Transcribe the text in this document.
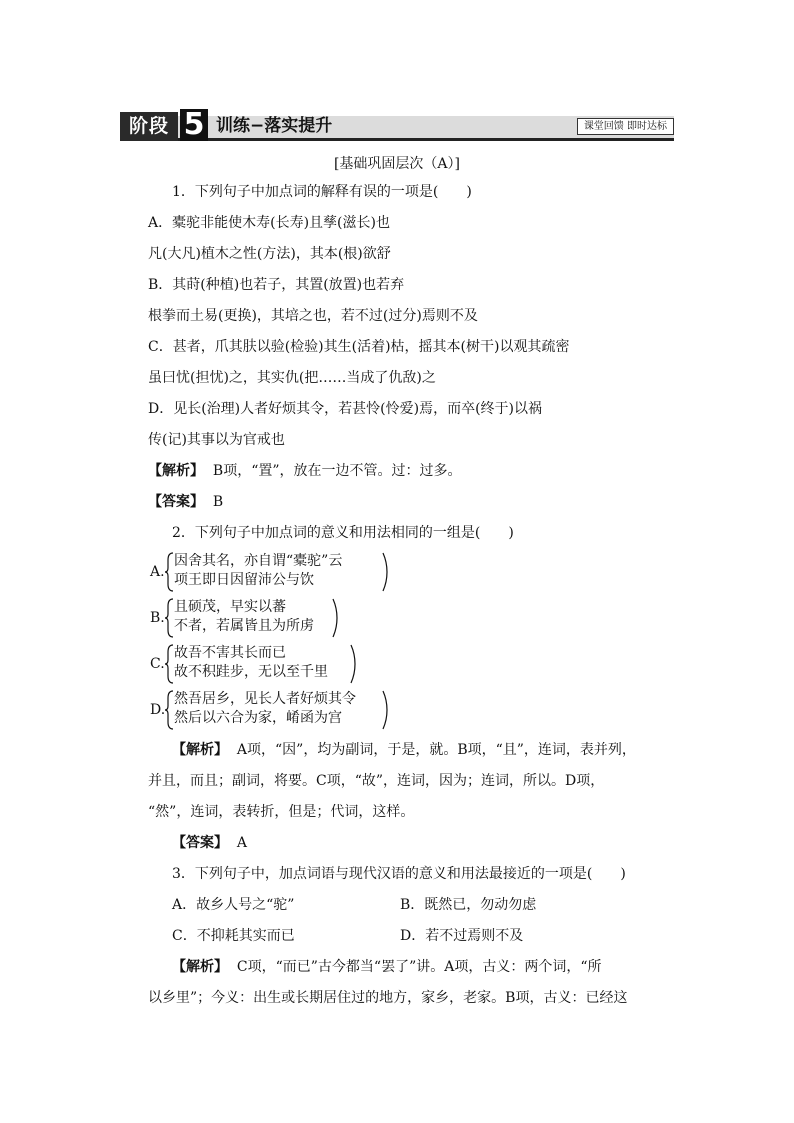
阶段 5 训练−落实提升	课堂回馈 即时达标
[基础巩固层次（A）]
1．下列句子中加点词的解释有误的一项是(　　)
A．橐驼非能使木寿(长寿)且孳(滋长)也
凡(大凡)植木之性(方法)，其本(根)欲舒
B．其莳(种植)也若子，其置(放置)也若弃
根拳而土易(更换)，其培之也，若不过(过分)焉则不及
C．甚者，爪其肤以验(检验)其生(活着)枯，摇其本(树干)以观其疏密
虽曰忧(担忧)之，其实仇(把……当成了仇敌)之
D．见长(治理)人者好烦其令，若甚怜(怜爱)焉，而卒(终于)以祸
传(记)其事以为官戒也
【解析】 B项，“置”，放在一边不管。过：过多。
【答案】 B
2．下列句子中加点词的意义和用法相同的一组是(　　)
A.
因舍其名，亦自谓“橐驼”云
项王即日因留沛公与饮
B.
且硕茂，早实以蕃
不者，若属皆且为所虏
C.
故吾不害其长而已
故不积跬步，无以至千里
D.
然吾居乡，见长人者好烦其令
然后以六合为家，崤函为宫
【解析】 A项，“因”，均为副词，于是，就。B项，“且”，连词，表并列，
并且，而且；副词，将要。C项，“故”，连词，因为；连词，所以。D项，
“然”，连词，表转折，但是；代词，这样。
【答案】 A
3．下列句子中，加点词语与现代汉语的意义和用法最接近的一项是(　　)
A．故乡人号之“驼”	B．既然已，勿动勿虑
C．不抑耗其实而已	D．若不过焉则不及
【解析】 C项，“而已”古今都当“罢了”讲。A项，古义：两个词，“所
以乡里”；今义：出生或长期居住过的地方，家乡，老家。B项，古义：已经这
